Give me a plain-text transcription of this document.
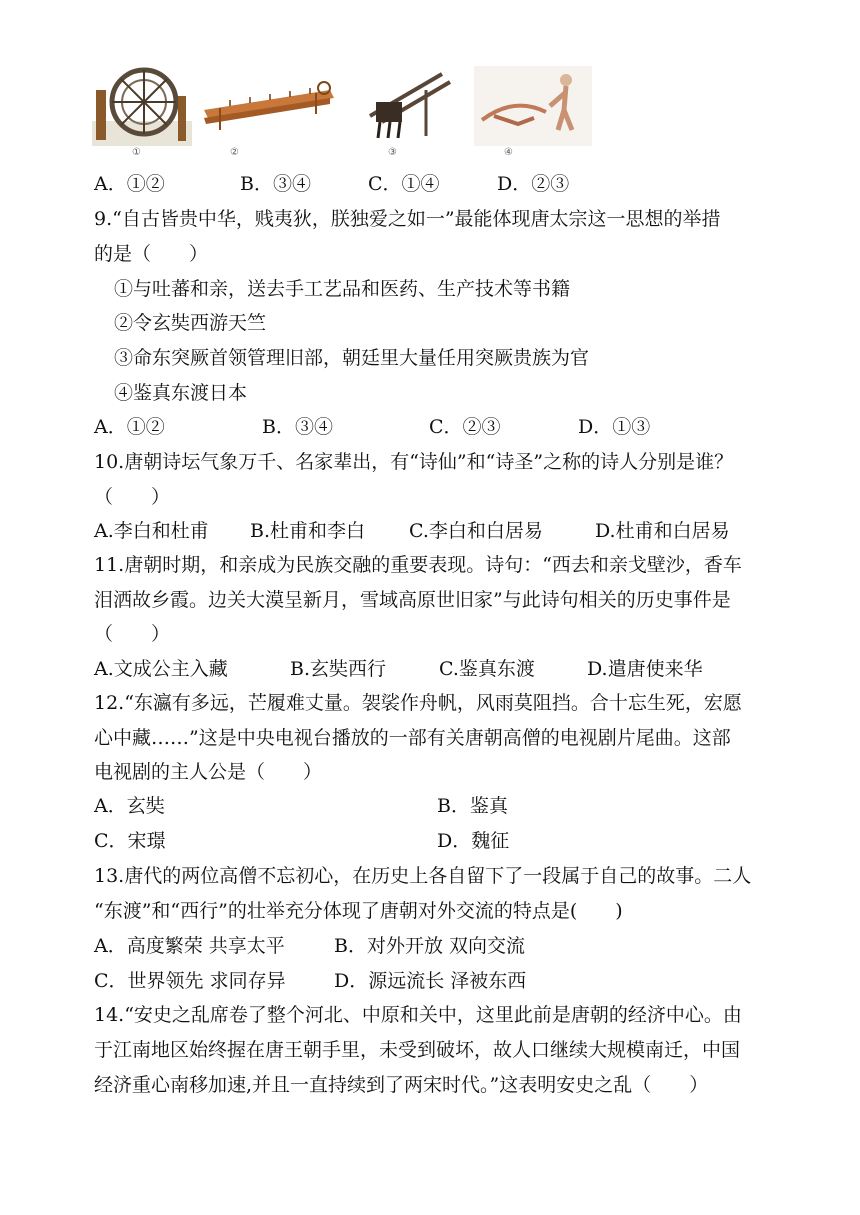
①	②	③	④
A．①②	B．③④	C．①④	D．②③
9.“自古皆贵中华，贱夷狄，朕独爱之如一”最能体现唐太宗这一思想的举措
的是（　　）
①与吐蕃和亲，送去手工艺品和医药、生产技术等书籍
②令玄奘西游天竺
③命东突厥首领管理旧部，朝廷里大量任用突厥贵族为官
④鉴真东渡日本
A．①②	B．③④	C．②③	D．①③
10.唐朝诗坛气象万千、名家辈出，有“诗仙”和“诗圣”之称的诗人分别是谁？
（　　）
A.李白和杜甫 B.杜甫和李白 C.李白和白居易	D.杜甫和白居易
11.唐朝时期，和亲成为民族交融的重要表现。诗句：“西去和亲戈壁沙，香车
泪洒故乡霞。边关大漠呈新月，雪域高原世旧家”与此诗句相关的历史事件是
（　　）
A.文成公主入藏	B.玄奘西行	C.鉴真东渡	D.遣唐使来华
12.“东瀛有多远，芒履难丈量。袈裟作舟帆，风雨莫阻挡。合十忘生死，宏愿
心中藏……”这是中央电视台播放的一部有关唐朝高僧的电视剧片尾曲。这部
电视剧的主人公是（　　）
A．玄奘	B．鉴真
C．宋璟	D．魏征
13.唐代的两位高僧不忘初心，在历史上各自留下了一段属于自己的故事。二人
“东渡”和“西行”的壮举充分体现了唐朝对外交流的特点是(　　)
A．高度繁荣 共享太平	B．对外开放 双向交流
C．世界领先 求同存异	D．源远流长 泽被东西
14.“安史之乱席卷了整个河北、中原和关中，这里此前是唐朝的经济中心。由
于江南地区始终握在唐王朝手里，未受到破坏，故人口继续大规模南迁，中国
经济重心南移加速,并且一直持续到了两宋时代。”这表明安史之乱（　　）
